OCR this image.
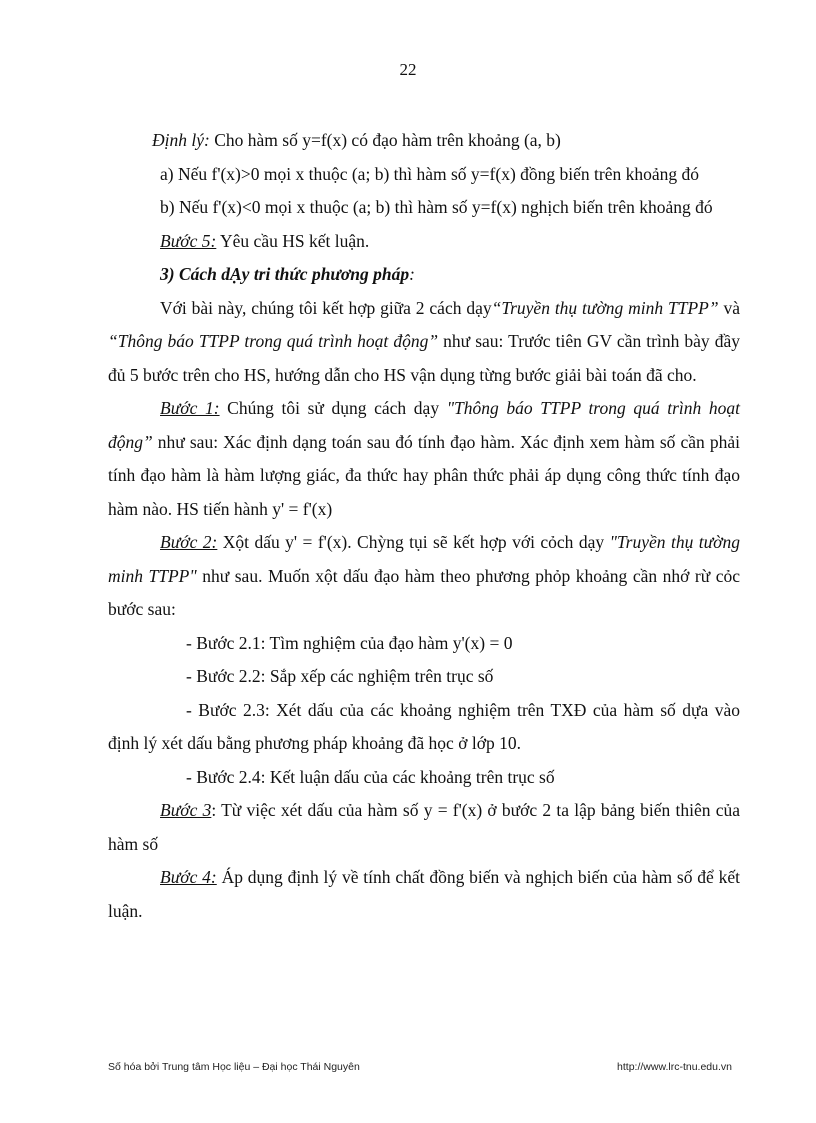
22

Định lý: Cho hàm số y=f(x) có đạo hàm trên khoảng (a, b)

a) Nếu f'(x)>0 mọi x thuộc (a; b) thì hàm số y=f(x) đồng biến trên khoảng đó

b) Nếu f'(x)<0 mọi x thuộc (a; b) thì hàm số y=f(x) nghịch biến trên khoảng đó

Bước 5: Yêu cầu HS kết luận.

3) Cách dẠy tri thức phương pháp:

Với bài này, chúng tôi kết hợp giữa 2 cách dạy“Truyền thụ tường minh TTPP” và “Thông báo TTPP trong quá trình hoạt động” như sau: Trước tiên GV cần trình bày đầy đủ 5 bước trên cho HS, hướng dẫn cho HS vận dụng từng bước giải bài toán đã cho.

Bước 1: Chúng tôi sử dụng cách dạy "Thông báo TTPP trong quá trình hoạt động” như sau: Xác định dạng toán sau đó tính đạo hàm. Xác định xem hàm số cần phải tính đạo hàm là hàm lượng giác, đa thức hay phân thức phải áp dụng công thức tính đạo hàm nào. HS tiến hành y' = f'(x)

Bước 2: Xột dấu y' = f'(x). Chỳng tụi sẽ kết hợp với cỏch dạy "Truyền thụ tường minh TTPP" như sau. Muốn xột dấu đạo hàm theo phương phỏp khoảng cần nhớ rừ cỏc bước sau:

- Bước 2.1: Tìm nghiệm của đạo hàm y'(x) = 0

- Bước 2.2: Sắp xếp các nghiệm trên trục số

- Bước 2.3: Xét dấu của các khoảng nghiệm trên TXĐ của hàm số dựa vào định lý xét dấu bằng phương pháp khoảng đã học ở lớp 10.

- Bước 2.4: Kết luận dấu của các khoảng trên trục số

Bước 3: Từ việc xét dấu của hàm số y = f'(x) ở bước 2 ta lập bảng biến thiên của hàm số

Bước 4: Áp dụng định lý về tính chất đồng biến và nghịch biến của hàm số để kết luận.

Số hóa bởi Trung tâm Học liệu – Đại học Thái Nguyên	http://www.lrc-tnu.edu.vn
